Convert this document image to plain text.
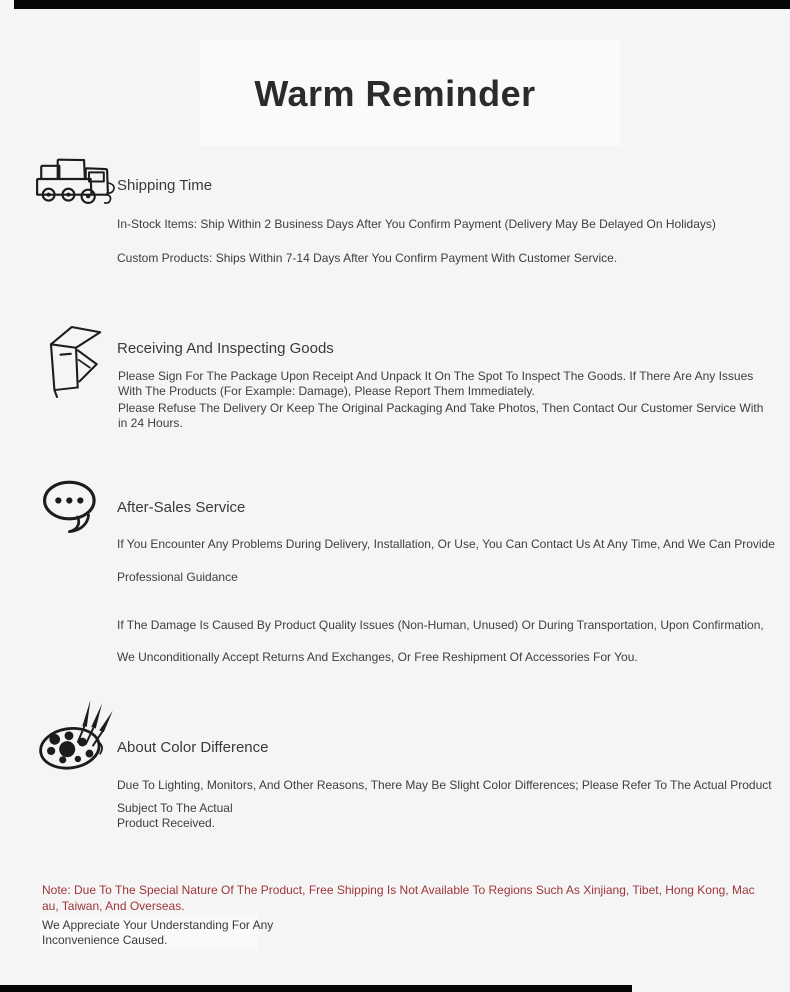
Warm Reminder
Shipping Time

In-Stock Items: Ship Within 2 Business Days After You Confirm Payment (Delivery May Be Delayed On Holidays)

Custom Products: Ships Within 7-14 Days After You Confirm Payment With Customer Service.

Receiving And Inspecting Goods

Please Sign For The Package Upon Receipt And Unpack It On The Spot To Inspect The Goods. If There Are Any Issues With The Products (For Example: Damage), Please Report Them Immediately.

Please Refuse The Delivery Or Keep The Original Packaging And Take Photos, Then Contact Our Customer Service Within 24 Hours.

After-Sales Service

If You Encounter Any Problems During Delivery, Installation, Or Use, You Can Contact Us At Any Time, And We Can Provide

Professional Guidance

If The Damage Is Caused By Product Quality Issues (Non-Human, Unused) Or During Transportation, Upon Confirmation,

We Unconditionally Accept Returns And Exchanges, Or Free Reshipment Of Accessories For You.

About Color Difference

Due To Lighting, Monitors, And Other Reasons, There May Be Slight Color Differences; Please Refer To The Actual Product

Subject To The Actual Product Received.

Note: Due To The Special Nature Of The Product, Free Shipping Is Not Available To Regions Such As Xinjiang, Tibet, Hong Kong, Macau, Taiwan, And Overseas.

We Appreciate Your Understanding For Any Inconvenience Caused.
